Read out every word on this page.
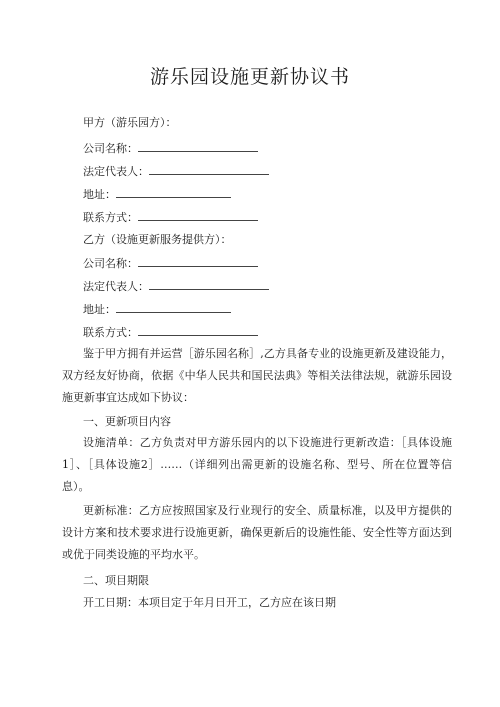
游乐园设施更新协议书
甲方（游乐园方）：
公司名称：
法定代表人：
地址：
联系方式：
乙方（设施更新服务提供方）：
公司名称：
法定代表人：
地址：
联系方式：
鉴于甲方拥有并运营［游乐园名称］,乙方具备专业的设施更新及建设能力，双方经友好协商，依据《中华人民共和国民法典》等相关法律法规，就游乐园设施更新事宜达成如下协议：
一、更新项目内容
设施清单：乙方负责对甲方游乐园内的以下设施进行更新改造：［具体设施1］、［具体设施2］……（详细列出需更新的设施名称、型号、所在位置等信息）。
更新标准：乙方应按照国家及行业现行的安全、质量标准，以及甲方提供的设计方案和技术要求进行设施更新，确保更新后的设施性能、安全性等方面达到或优于同类设施的平均水平。
二、项目期限
开工日期：本项目定于年月日开工，乙方应在该日期
